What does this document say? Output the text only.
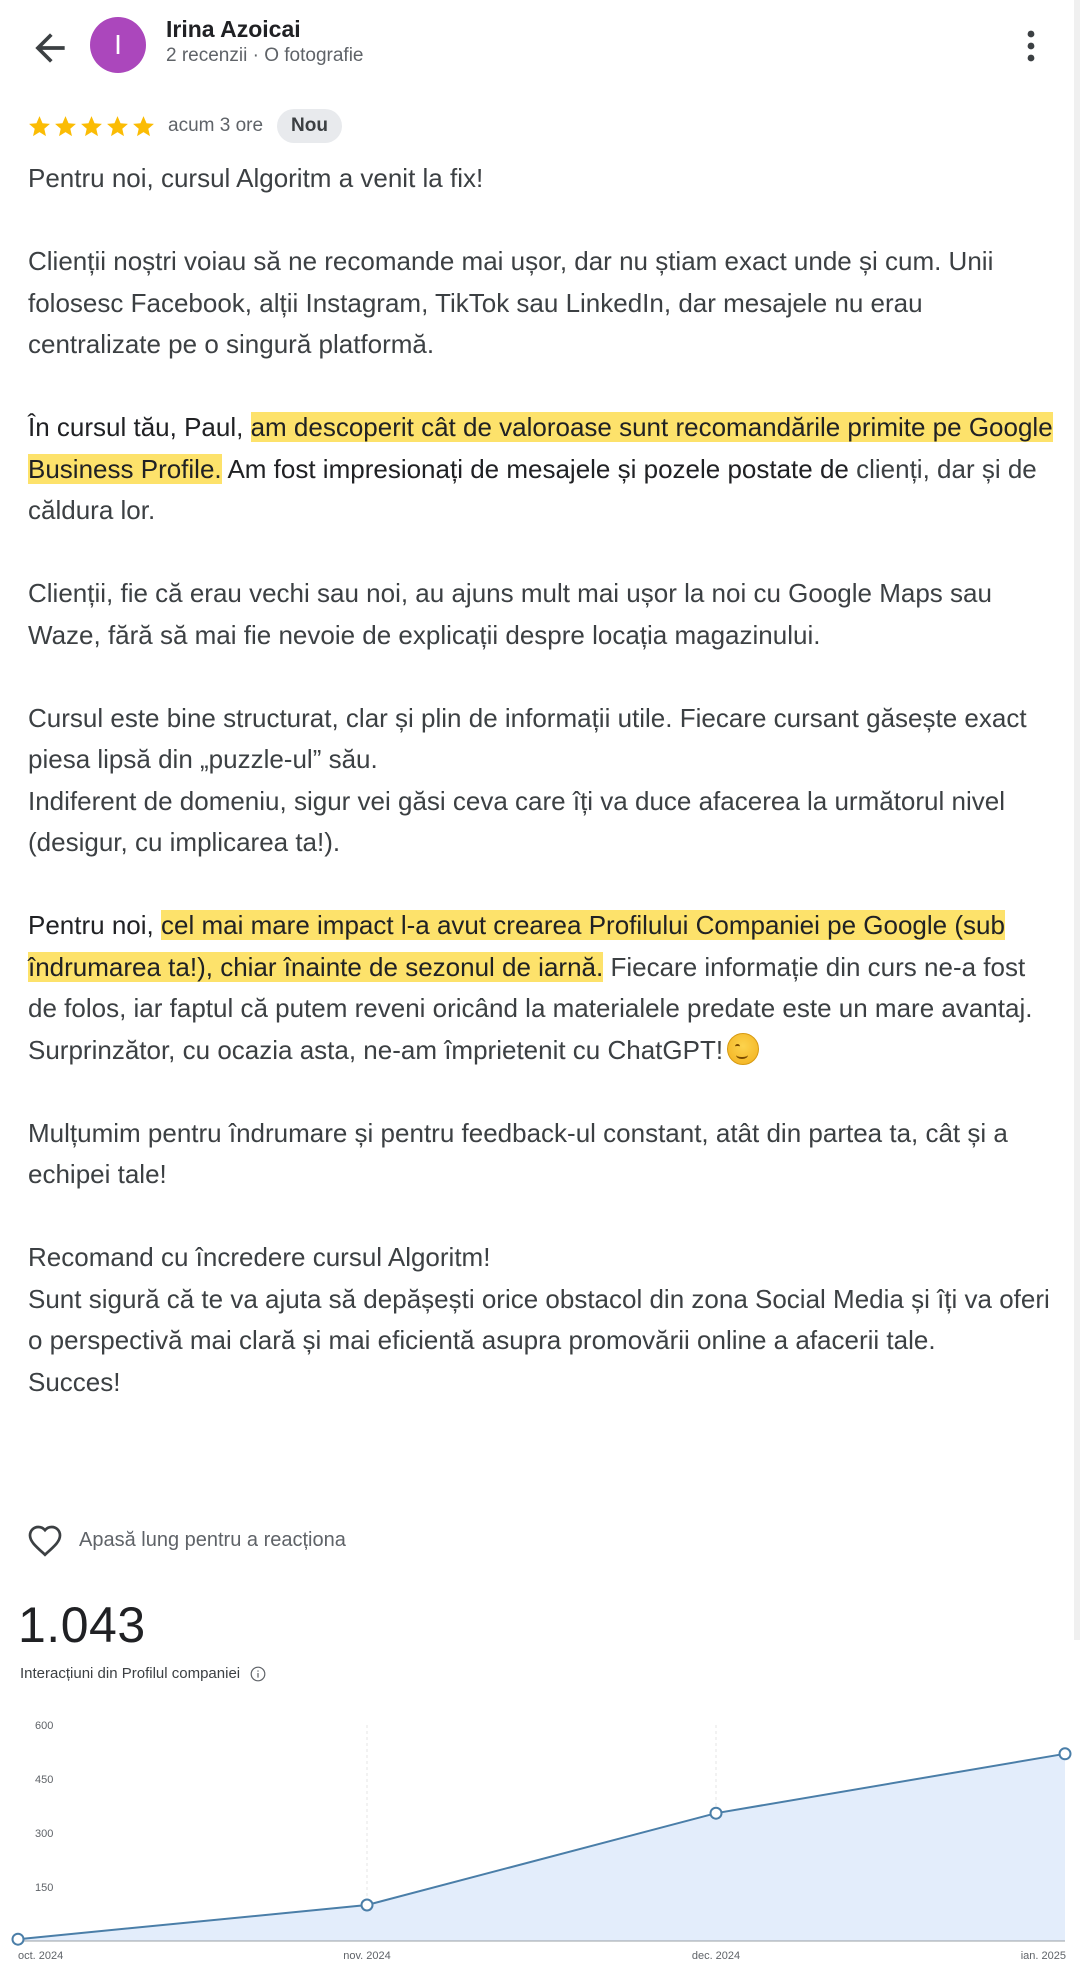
I Irina Azoicai
2 recenzii · O fotografie
acum 3 ore	Nou

Pentru noi, cursul Algoritm a venit la fix!

Clienții noștri voiau să ne recomande mai ușor, dar nu știam exact unde și cum. Unii folosesc Facebook, alții Instagram, TikTok sau LinkedIn, dar mesajele nu erau centralizate pe o singură platformă.

În cursul tău, Paul, am descoperit cât de valoroase sunt recomandările primite pe Google Business Profile. Am fost impresionați de mesajele și pozele postate de clienți, dar și de căldura lor.

Clienții, fie că erau vechi sau noi, au ajuns mult mai ușor la noi cu Google Maps sau Waze, fără să mai fie nevoie de explicații despre locația magazinului.

Cursul este bine structurat, clar și plin de informații utile. Fiecare cursant găsește exact piesa lipsă din „puzzle-ul” său.
Indiferent de domeniu, sigur vei găsi ceva care îți va duce afacerea la următorul nivel (desigur, cu implicarea ta!).

Pentru noi, cel mai mare impact l-a avut crearea Profilului Companiei pe Google (sub îndrumarea ta!), chiar înainte de sezonul de iarnă. Fiecare informație din curs ne-a fost de folos, iar faptul că putem reveni oricând la materialele predate este un mare avantaj.
Surprinzător, cu ocazia asta, ne-am împrietenit cu ChatGPT!

Mulțumim pentru îndrumare și pentru feedback-ul constant, atât din partea ta, cât și a echipei tale!

Recomand cu încredere cursul Algoritm!
Sunt sigură că te va ajuta să depășești orice obstacol din zona Social Media și îți va oferi o perspectivă mai clară și mai eficientă asupra promovării online a afacerii tale.
Succes!

Apasă lung pentru a reacționa
1.043
Interacțiuni din Profilul companiei
150
300
450
600
oct. 2024	nov. 2024	dec. 2024	ian. 2025
